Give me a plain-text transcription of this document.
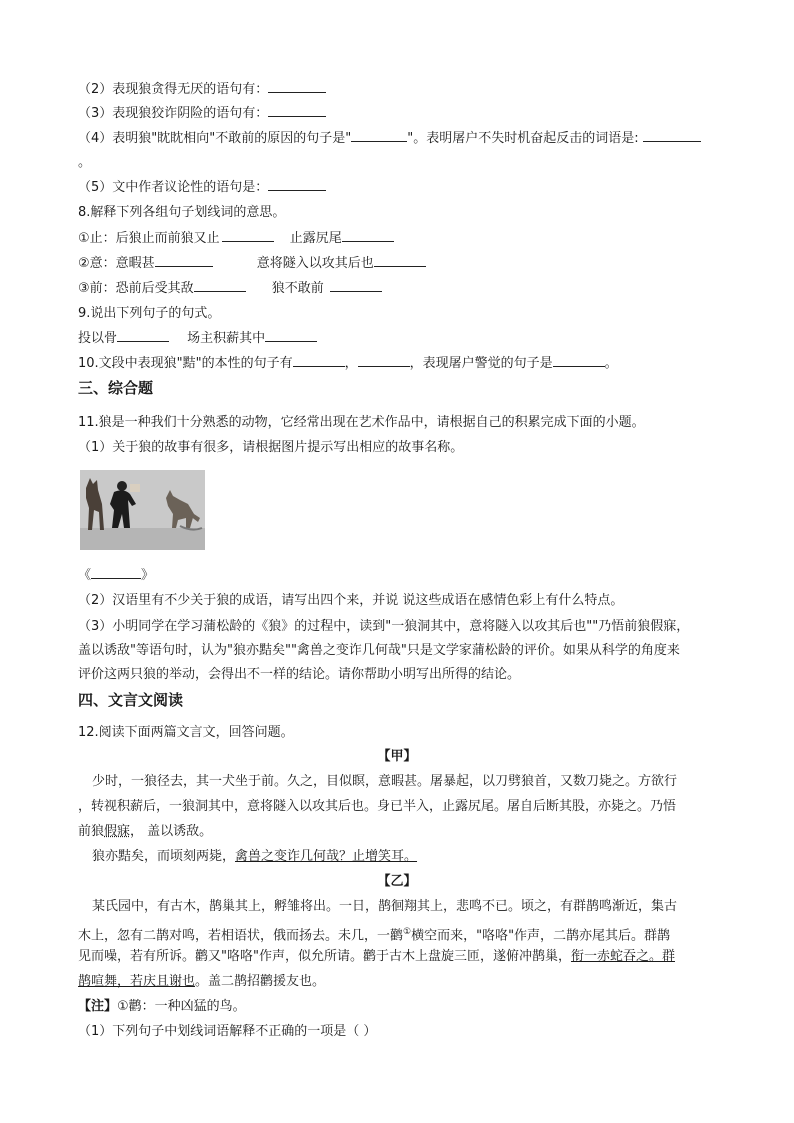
（2）表现狼贪得无厌的语句有：
（3）表现狼狡诈阴险的语句有：
（4）表明狼"眈眈相向"不敢前的原因的句子是"	"。表明屠户不失时机奋起反击的词语是:
。
（5）文中作者议论性的语句是：
8.解释下列各组句子划线词的意思。
①止：后狼止而前狼又止	止露尻尾
②意：意暇甚	意将隧入以攻其后也
③前：恐前后受其敌	狼不敢前
9.说出下列句子的句式。
投以骨	场主积薪其中
10.文段中表现狼"黠"的本性的句子有	，	，表现屠户警觉的句子是	。
三、综合题
11.狼是一种我们十分熟悉的动物，它经常出现在艺术作品中，请根据自己的积累完成下面的小题。
（1）关于狼的故事有很多，请根据图片提示写出相应的故事名称。
《	》
（2）汉语里有不少关于狼的成语，请写出四个来，并说 说这些成语在感情色彩上有什么特点。
（3）小明同学在学习蒲松龄的《狼》的过程中，读到"一狼洞其中，意将隧入以攻其后也""乃悟前狼假寐，
盖以诱敌"等语句时，认为"狼亦黠矣""禽兽之变诈几何哉"只是文学家蒲松龄的评价。如果从科学的角度来
评价这两只狼的举动，会得出不一样的结论。请你帮助小明写出所得的结论。
四、文言文阅读
12.阅读下面两篇文言文，回答问题。
【甲】
少时，一狼径去，其一犬坐于前。久之，目似瞑，意暇甚。屠暴起，以刀劈狼首，又数刀毙之。方欲行
，转视积薪后，一狼洞其中，意将隧入以攻其后也。身已半入，止露尻尾。屠自后断其股，亦毙之。乃悟
前狼假寐， 盖以诱敌。
狼亦黠矣，而顷刻两毙，禽兽之变诈几何哉？止增笑耳。
【乙】
某氏园中，有古木，鹊巢其上，孵雏将出。一日，鹊徊翔其上，悲鸣不已。顷之，有群鹊鸣渐近，集古
木上，忽有二鹊对鸣，若相语状，俄而扬去。未几，一鹳①横空而来，"咯咯"作声，二鹊亦尾其后。群鹊
见而噪，若有所诉。鹳又"咯咯"作声，似允所请。鹳于古木上盘旋三匝，遂俯冲鹊巢，衔一赤蛇吞之。群
鹊喧舞，若庆且谢也。盖二鹊招鹳援友也。
【注】①鹳：一种凶猛的鸟。
（1）下列句子中划线词语解释不正确的一项是（ ）
